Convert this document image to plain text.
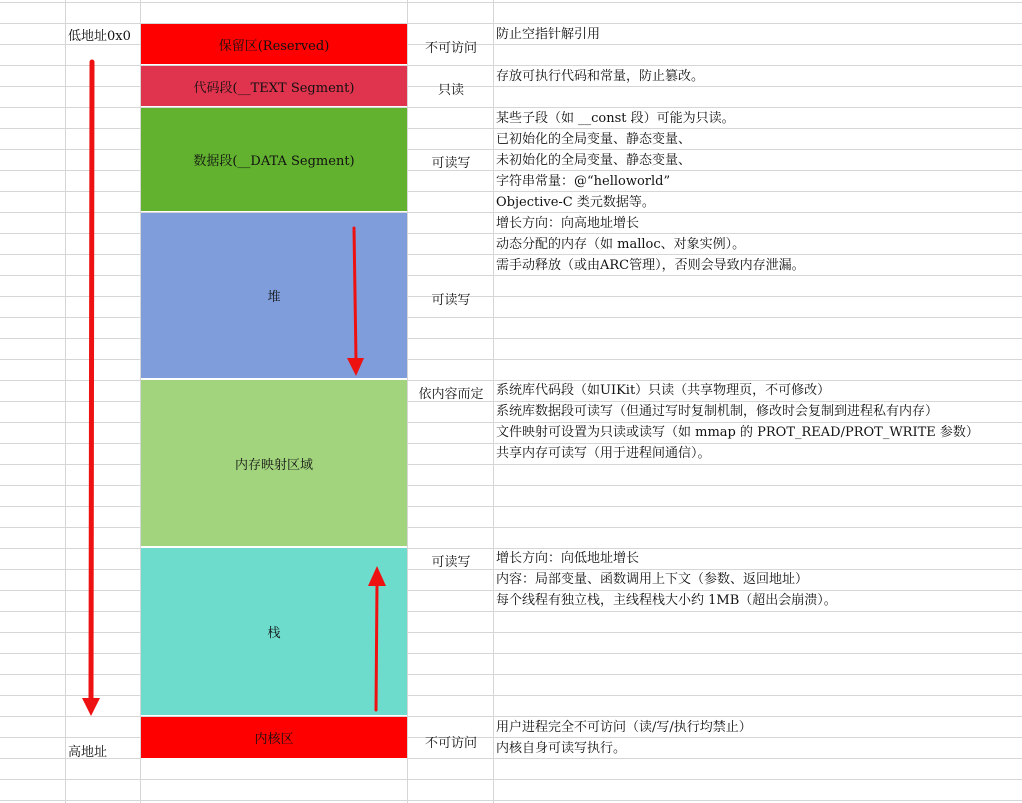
低地址0x0
高地址
保留区(Reserved)
代码段(__TEXT Segment)
数据段(__DATA Segment)
堆
内存映射区域
栈
内核区
不可访问
只读
可读写
可读写
依内容而定
可读写
不可访问
防止空指针解引用
存放可执行代码和常量，防止篡改。
某些子段（如 __const 段）可能为只读。
已初始化的全局变量、静态变量、
未初始化的全局变量、静态变量、
字符串常量：@“helloworld”
Objective-C 类元数据等。
增长方向：向高地址增长
动态分配的内存（如 malloc、对象实例）。
需手动释放（或由ARC管理），否则会导致内存泄漏。
系统库代码段（如UIKit）只读（共享物理页，不可修改）
系统库数据段可读写（但通过写时复制机制，修改时会复制到进程私有内存）
文件映射可设置为只读或读写（如 mmap 的 PROT_READ/PROT_WRITE 参数）
共享内存可读写（用于进程间通信）。
增长方向：向低地址增长
内容：局部变量、函数调用上下文（参数、返回地址）
每个线程有独立栈，主线程栈大小约 1MB（超出会崩溃）。
用户进程完全不可访问（读/写/执行均禁止）
内核自身可读写执行。
